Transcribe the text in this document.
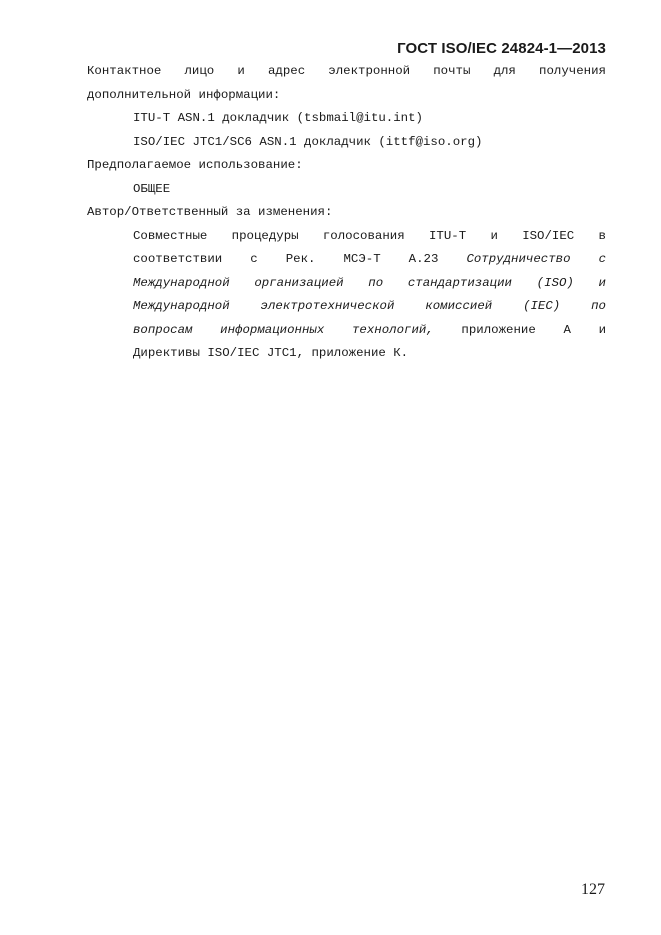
ГОСТ ISO/IEC 24824-1—2013
Контактное лицо и адрес электронной почты для получения
дополнительной информации:
ITU-T ASN.1 докладчик (tsbmail@itu.int)
ISO/IEC JTC1/SC6 ASN.1 докладчик (ittf@iso.org)
Предполагаемое использование:
ОБЩЕЕ
Автор/Ответственный за изменения:
Совместные процедуры голосования ITU-T и ISO/IEC в
соответствии с Рек. МСЭ-Т А.23 Сотрудничество с
Международной организацией по стандартизации (ISO) и
Международной электротехнической комиссией (IEC) по
вопросам информационных технологий, приложение А и
Директивы ISO/IEC JTC1, приложение К.
127
